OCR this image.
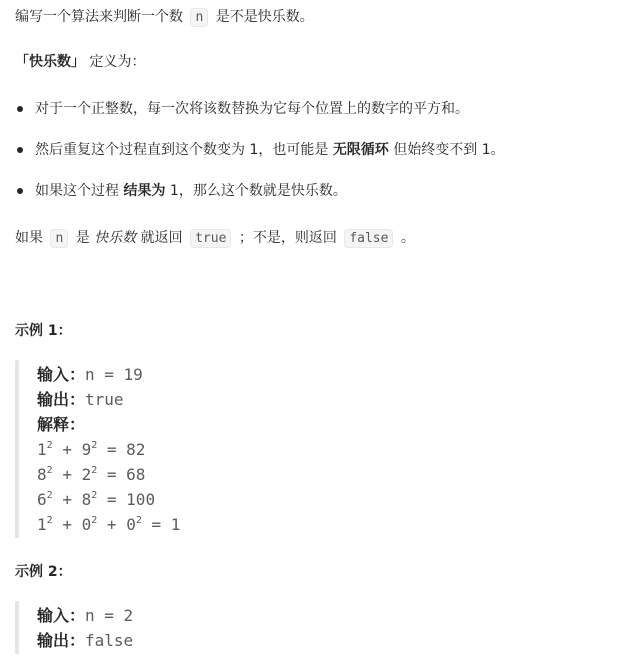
编写一个算法来判断一个数 n 是不是快乐数。
「快乐数」 定义为：
对于一个正整数，每一次将该数替换为它每个位置上的数字的平方和。
然后重复这个过程直到这个数变为 1，也可能是 无限循环 但始终变不到 1。
如果这个过程 结果为 1，那么这个数就是快乐数。
如果 n 是 快乐数 就返回 true ；不是，则返回 false 。
示例 1：
输入：n = 19
输出：true
解释：
$1^2 + 9^2 = 82$
$8^2 + 2^2 = 68$
$6^2 + 8^2 = 100$
$1^2 + 0^2 + 0^2 = 1$
示例 2：
输入：n = 2
输出：false
